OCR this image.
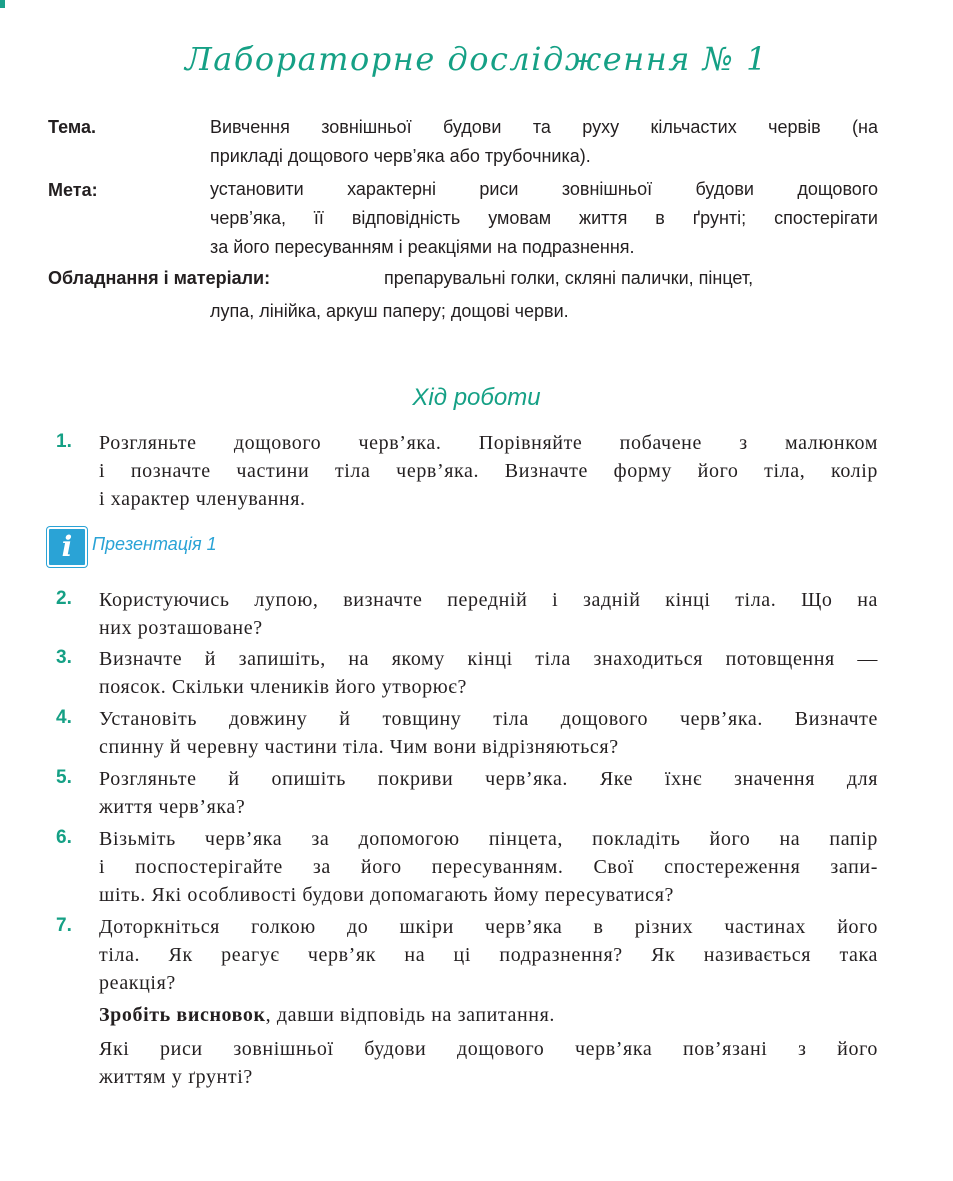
Лабораторне дослідження № 1
Тема.	Вивчення зовнішньої будови та руху кільчастих червів (на
прикладі дощового черв’яка або трубочника).
Мета:	установити характерні риси зовнішньої будови дощового
черв’яка, її відповідність умовам життя в ґрунті; спостерігати
за його пересуванням і реакціями на подразнення.
Обладнання і матеріали:	препарувальні голки, скляні палички, пінцет,
лупа, лінійка, аркуш паперу; дощові черви.
Хід роботи
1. Розгляньте дощового черв’яка. Порівняйте побачене з малюнком
і позначте частини тіла черв’яка. Визначте форму його тіла, колір
і характер членування.
i	Презентація 1
2. Користуючись лупою, визначте передній і задній кінці тіла. Що на
них розташоване?
3. Визначте й запишіть, на якому кінці тіла знаходиться потовщення —
поясок. Скільки члеників його утворює?
4. Установіть довжину й товщину тіла дощового черв’яка. Визначте
спинну й черевну частини тіла. Чим вони відрізняються?
5. Розгляньте й опишіть покриви черв’яка. Яке їхнє значення для
життя черв’яка?
6. Візьміть черв’яка за допомогою пінцета, покладіть його на папір
і поспостерігайте за його пересуванням. Свої спостереження запи-
шіть. Які особливості будови допомагають йому пересуватися?
7. Доторкніться голкою до шкіри черв’яка в різних частинах його
тіла. Як реагує черв’як на ці подразнення? Як називається така
реакція?
Зробіть висновок, давши відповідь на запитання.
Які риси зовнішньої будови дощового черв’яка пов’язані з його
життям у ґрунті?
